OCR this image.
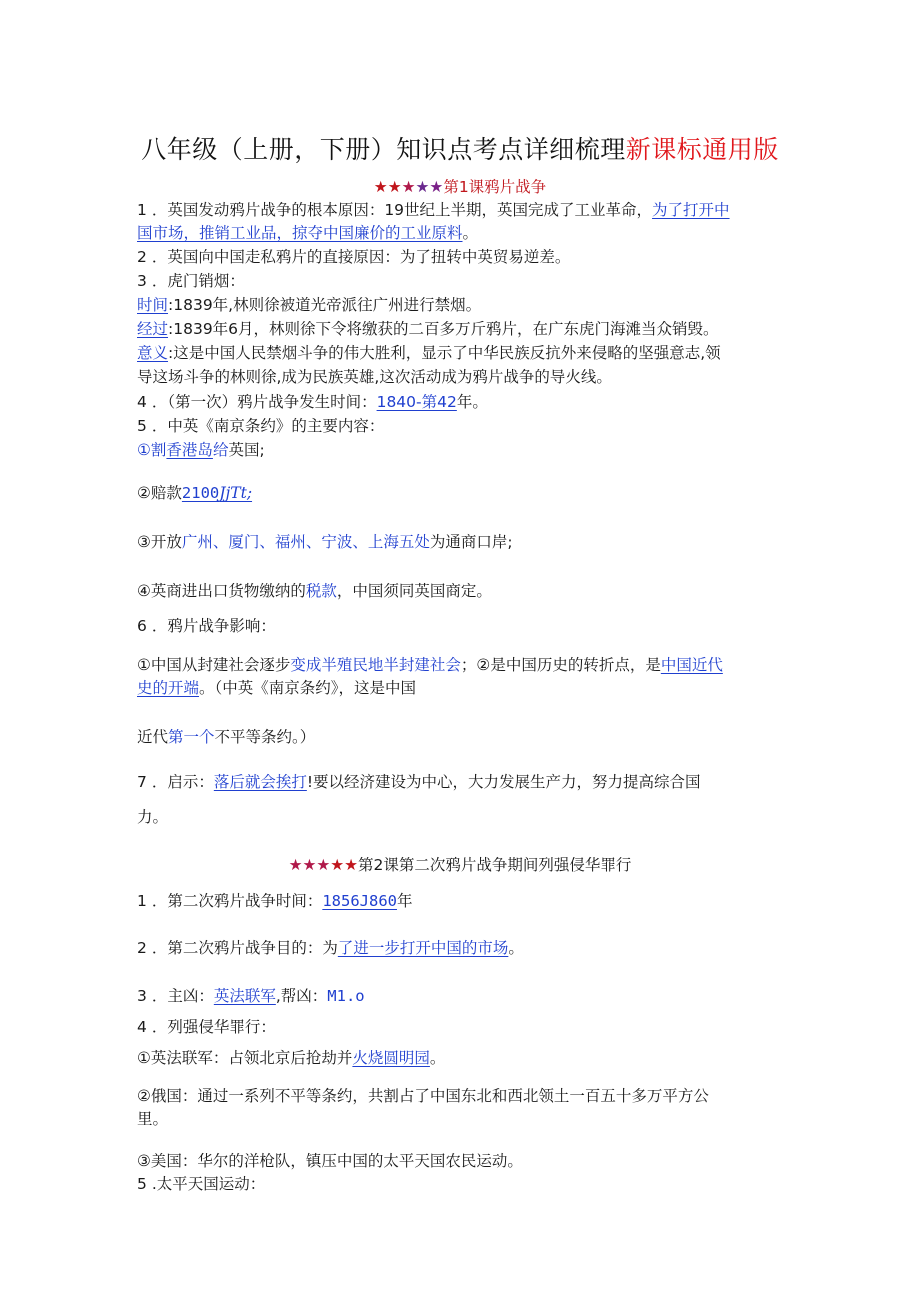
八年级（上册，下册）知识点考点详细梳理新课标通用版
★★★★★第1课鸦片战争
1 ．英国发动鸦片战争的根本原因：19世纪上半期，英国完成了工业革命，为了打开中
国市场，推销工业品，掠夺中国廉价的工业原料。
2 ．英国向中国走私鸦片的直接原因：为了扭转中英贸易逆差。
3 ．虎门销烟：
时间:1839年,林则徐被道光帝派往广州进行禁烟。
经过:1839年6月，林则徐下令将缴获的二百多万斤鸦片，在广东虎门海滩当众销毁。
意义:这是中国人民禁烟斗争的伟大胜利，显示了中华民族反抗外来侵略的坚强意志,领
导这场斗争的林则徐,成为民族英雄,这次活动成为鸦片战争的导火线。
4 ．（第一次）鸦片战争发生时间：1840-第42年。
5 ．中英《南京条约》的主要内容：
①割香港岛给英国;
②赔款2100JjTt;
③开放广州、厦门、福州、宁波、上海五处为通商口岸;
④英商进出口货物缴纳的税款，中国须同英国商定。
6 ．鸦片战争影响：
①中国从封建社会逐步变成半殖民地半封建社会；②是中国历史的转折点，是中国近代
史的开端。（中英《南京条约》，这是中国
近代第一个不平等条约。）
7 ．启示：落后就会挨打!要以经济建设为中心，大力发展生产力，努力提高综合国
力。
★★★★★第2课第二次鸦片战争期间列强侵华罪行
1 ．第二次鸦片战争时间：1856J860年
2 ．第二次鸦片战争目的：为了进一步打开中国的市场。
3 ．主凶：英法联军,帮凶：M1.o
4 ．列强侵华罪行：
①英法联军：占领北京后抢劫并火烧圆明园。
②俄国：通过一系列不平等条约，共割占了中国东北和西北领土一百五十多万平方公
里。
③美国：华尔的洋枪队，镇压中国的太平天国农民运动。
5 .太平天国运动：
